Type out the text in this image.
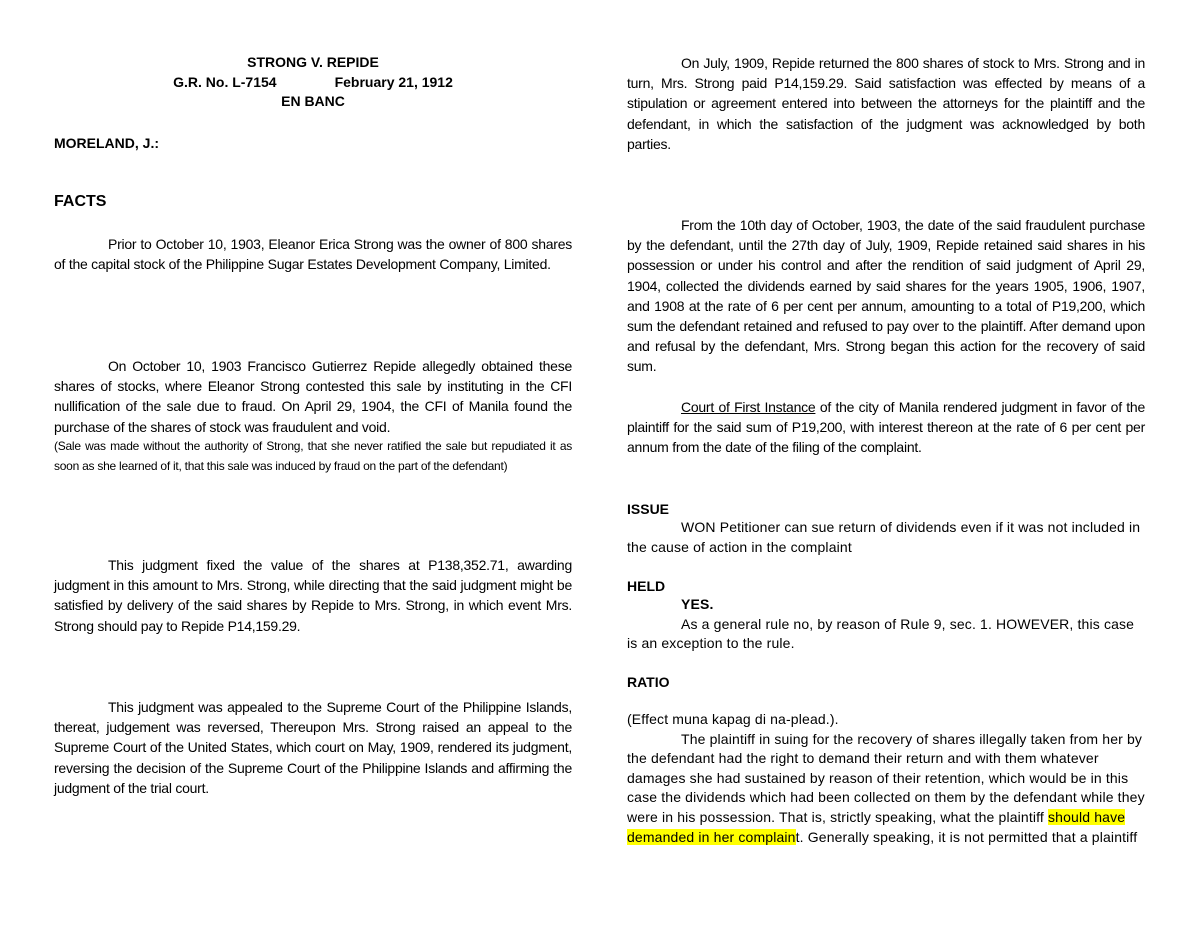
STRONG V. REPIDE
G.R. No. L-7154	February 21, 1912
EN BANC
MORELAND, J.:
FACTS

Prior to October 10, 1903, Eleanor Erica Strong was the owner of 800 shares of the capital stock of the Philippine Sugar Estates Development Company, Limited.

On October 10, 1903 Francisco Gutierrez Repide allegedly obtained these shares of stocks, where Eleanor Strong contested this sale by instituting in the CFI nullification of the sale due to fraud. On April 29, 1904, the CFI of Manila found the purchase of the shares of stock was fraudulent and void.

(Sale was made without the authority of Strong, that she never ratified the sale but repudiated it as soon as she learned of it, that this sale was induced by fraud on the part of the defendant)

This judgment fixed the value of the shares at P138,352.71, awarding judgment in this amount to Mrs. Strong, while directing that the said judgment might be satisfied by delivery of the said shares by Repide to Mrs. Strong, in which event Mrs. Strong should pay to Repide P14,159.29.

This judgment was appealed to the Supreme Court of the Philippine Islands, thereat, judgement was reversed, Thereupon Mrs. Strong raised an appeal to the Supreme Court of the United States, which court on May, 1909, rendered its judgment, reversing the decision of the Supreme Court of the Philippine Islands and affirming the judgment of the trial court.

On July, 1909, Repide returned the 800 shares of stock to Mrs. Strong and in turn, Mrs. Strong paid P14,159.29. Said satisfaction was effected by means of a stipulation or agreement entered into between the attorneys for the plaintiff and the defendant, in which the satisfaction of the judgment was acknowledged by both parties.

From the 10th day of October, 1903, the date of the said fraudulent purchase by the defendant, until the 27th day of July, 1909, Repide retained said shares in his possession or under his control and after the rendition of said judgment of April 29, 1904, collected the dividends earned by said shares for the years 1905, 1906, 1907, and 1908 at the rate of 6 per cent per annum, amounting to a total of P19,200, which sum the defendant retained and refused to pay over to the plaintiff. After demand upon and refusal by the defendant, Mrs. Strong began this action for the recovery of said sum.

Court of First Instance of the city of Manila rendered judgment in favor of the plaintiff for the said sum of P19,200, with interest thereon at the rate of 6 per cent per annum from the date of the filing of the complaint.

ISSUE
WON Petitioner can sue return of dividends even if it was not included in the cause of action in the complaint
HELD
YES.
As a general rule no, by reason of Rule 9, sec. 1. HOWEVER, this case is an exception to the rule.
RATIO
(Effect muna kapag di na-plead.).
The plaintiff in suing for the recovery of shares illegally taken from her by the defendant had the right to demand their return and with them whatever damages she had sustained by reason of their retention, which would be in this case the dividends which had been collected on them by the defendant while they were in his possession. That is, strictly speaking, what the plaintiff should have demanded in her complaint. Generally speaking, it is not permitted that a plaintiff
